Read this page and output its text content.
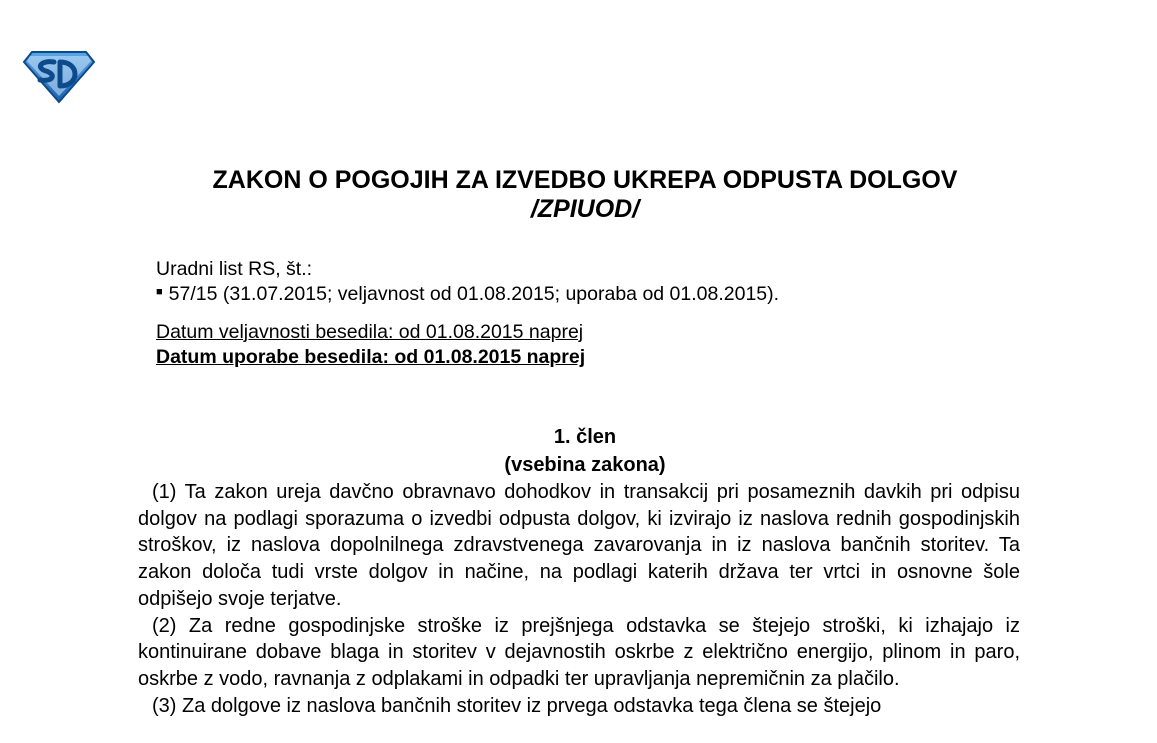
ZAKON O POGOJIH ZA IZVEDBO UKREPA ODPUSTA DOLGOV
/ZPIUOD/
Uradni list RS, št.:
■ 57/15 (31.07.2015; veljavnost od 01.08.2015; uporaba od 01.08.2015).
Datum veljavnosti besedila: od 01.08.2015 naprej
Datum uporabe besedila: od 01.08.2015 naprej
1. člen
(vsebina zakona)

(1) Ta zakon ureja davčno obravnavo dohodkov in transakcij pri posameznih davkih pri odpisu dolgov na podlagi sporazuma o izvedbi odpusta dolgov, ki izvirajo iz naslova rednih gospodinjskih stroškov, iz naslova dopolnilnega zdravstvenega zavarovanja in iz naslova bančnih storitev. Ta zakon določa tudi vrste dolgov in načine, na podlagi katerih država ter vrtci in osnovne šole odpišejo svoje terjatve.

(2) Za redne gospodinjske stroške iz prejšnjega odstavka se štejejo stroški, ki izhajajo iz kontinuirane dobave blaga in storitev v dejavnostih oskrbe z električno energijo, plinom in paro, oskrbe z vodo, ravnanja z odplakami in odpadki ter upravljanja nepremičnin za plačilo.

(3) Za dolgove iz naslova bančnih storitev iz prvega odstavka tega člena se štejejo
